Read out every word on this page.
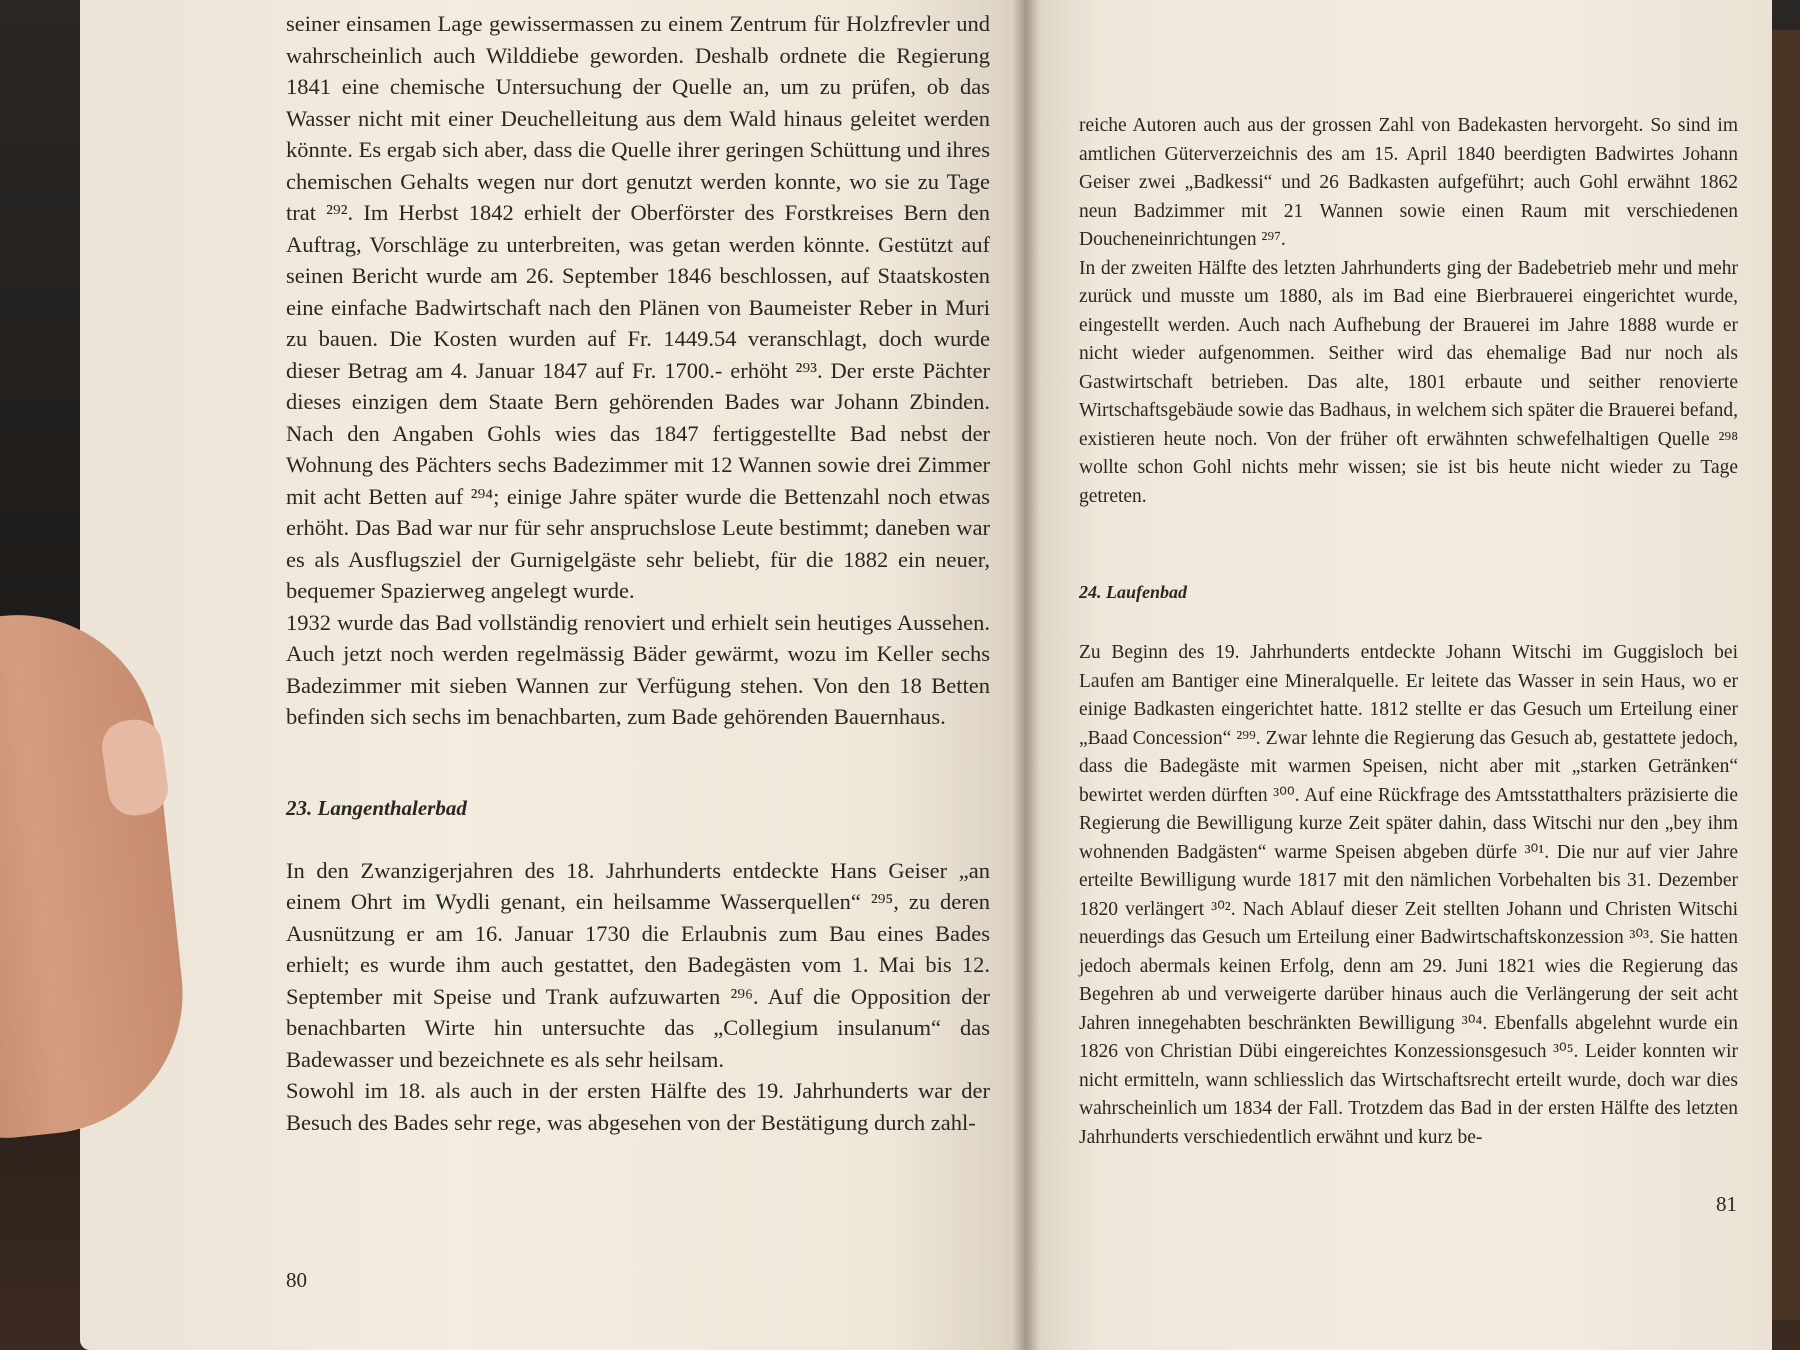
seiner einsamen Lage gewissermassen zu einem Zentrum für Holzfrevler und wahrscheinlich auch Wilddiebe geworden. Deshalb ordnete die Regierung 1841 eine chemische Untersuchung der Quelle an, um zu prüfen, ob das Wasser nicht mit einer Deuchelleitung aus dem Wald hinaus geleitet werden könnte. Es ergab sich aber, dass die Quelle ihrer geringen Schüttung und ihres chemischen Gehalts wegen nur dort genutzt werden konnte, wo sie zu Tage trat ²⁹². Im Herbst 1842 erhielt der Oberförster des Forstkreises Bern den Auftrag, Vorschläge zu unterbreiten, was getan werden könnte. Gestützt auf seinen Bericht wurde am 26. September 1846 beschlossen, auf Staatskosten eine einfache Badwirtschaft nach den Plänen von Baumeister Reber in Muri zu bauen. Die Kosten wurden auf Fr. 1449.54 veranschlagt, doch wurde dieser Betrag am 4. Januar 1847 auf Fr. 1700.- erhöht ²⁹³. Der erste Pächter dieses einzigen dem Staate Bern gehörenden Bades war Johann Zbinden. Nach den Angaben Gohls wies das 1847 fertiggestellte Bad nebst der Wohnung des Pächters sechs Badezimmer mit 12 Wannen sowie drei Zimmer mit acht Betten auf ²⁹⁴; einige Jahre später wurde die Bettenzahl noch etwas erhöht. Das Bad war nur für sehr anspruchslose Leute bestimmt; daneben war es als Ausflugsziel der Gurnigelgäste sehr beliebt, für die 1882 ein neuer, bequemer Spazierweg angelegt wurde.

1932 wurde das Bad vollständig renoviert und erhielt sein heutiges Aussehen. Auch jetzt noch werden regelmässig Bäder gewärmt, wozu im Keller sechs Badezimmer mit sieben Wannen zur Verfügung stehen. Von den 18 Betten befinden sich sechs im benachbarten, zum Bade gehörenden Bauernhaus.

23. Langenthalerbad

In den Zwanzigerjahren des 18. Jahrhunderts entdeckte Hans Geiser „an einem Ohrt im Wydli genant, ein heilsamme Wasserquellen“ ²⁹⁵, zu deren Ausnützung er am 16. Januar 1730 die Erlaubnis zum Bau eines Bades erhielt; es wurde ihm auch gestattet, den Badegästen vom 1. Mai bis 12. September mit Speise und Trank aufzuwarten ²⁹⁶. Auf die Opposition der benachbarten Wirte hin untersuchte das „Collegium insulanum“ das Badewasser und bezeichnete es als sehr heilsam.

Sowohl im 18. als auch in der ersten Hälfte des 19. Jahrhunderts war der Besuch des Bades sehr rege, was abgesehen von der Bestätigung durch zahl-

80

reiche Autoren auch aus der grossen Zahl von Badekasten hervorgeht. So sind im amtlichen Güterverzeichnis des am 15. April 1840 beerdigten Badwirtes Johann Geiser zwei „Badkessi“ und 26 Badkasten aufgeführt; auch Gohl erwähnt 1862 neun Badzimmer mit 21 Wannen sowie einen Raum mit verschiedenen Doucheneinrichtungen ²⁹⁷.

In der zweiten Hälfte des letzten Jahrhunderts ging der Badebetrieb mehr und mehr zurück und musste um 1880, als im Bad eine Bierbrauerei eingerichtet wurde, eingestellt werden. Auch nach Aufhebung der Brauerei im Jahre 1888 wurde er nicht wieder aufgenommen. Seither wird das ehemalige Bad nur noch als Gastwirtschaft betrieben. Das alte, 1801 erbaute und seither renovierte Wirtschaftsgebäude sowie das Badhaus, in welchem sich später die Brauerei befand, existieren heute noch. Von der früher oft erwähnten schwefelhaltigen Quelle ²⁹⁸ wollte schon Gohl nichts mehr wissen; sie ist bis heute nicht wieder zu Tage getreten.

24. Laufenbad

Zu Beginn des 19. Jahrhunderts entdeckte Johann Witschi im Guggisloch bei Laufen am Bantiger eine Mineralquelle. Er leitete das Wasser in sein Haus, wo er einige Badkasten eingerichtet hatte. 1812 stellte er das Gesuch um Erteilung einer „Baad Concession“ ²⁹⁹. Zwar lehnte die Regierung das Gesuch ab, gestattete jedoch, dass die Badegäste mit warmen Speisen, nicht aber mit „starken Getränken“ bewirtet werden dürften ³⁰⁰. Auf eine Rückfrage des Amtsstatthalters präzisierte die Regierung die Bewilligung kurze Zeit später dahin, dass Witschi nur den „bey ihm wohnenden Badgästen“ warme Speisen abgeben dürfe ³⁰¹. Die nur auf vier Jahre erteilte Bewilligung wurde 1817 mit den nämlichen Vorbehalten bis 31. Dezember 1820 verlängert ³⁰². Nach Ablauf dieser Zeit stellten Johann und Christen Witschi neuerdings das Gesuch um Erteilung einer Badwirtschaftskonzession ³⁰³. Sie hatten jedoch abermals keinen Erfolg, denn am 29. Juni 1821 wies die Regierung das Begehren ab und verweigerte darüber hinaus auch die Verlängerung der seit acht Jahren innegehabten beschränkten Bewilligung ³⁰⁴. Ebenfalls abgelehnt wurde ein 1826 von Christian Dübi eingereichtes Konzessionsgesuch ³⁰⁵. Leider konnten wir nicht ermitteln, wann schliesslich das Wirtschaftsrecht erteilt wurde, doch war dies wahrscheinlich um 1834 der Fall. Trotzdem das Bad in der ersten Hälfte des letzten Jahrhunderts verschiedentlich erwähnt und kurz be-

81
